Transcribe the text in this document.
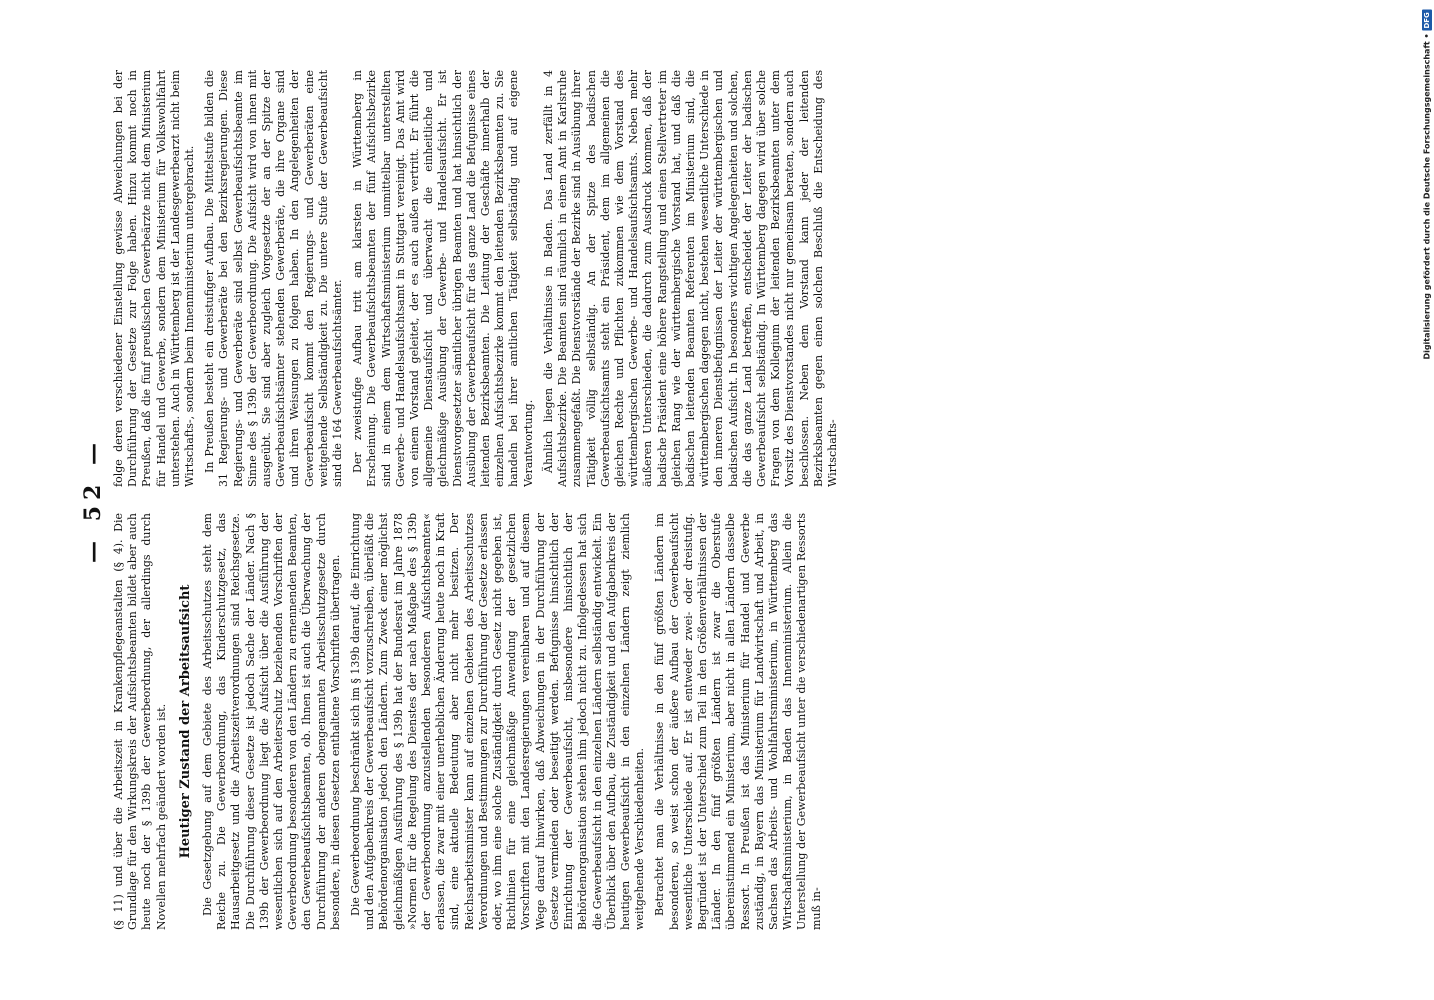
— 52 —

(§ 11) und über die Arbeitszeit in Krankenpflegeanstalten (§ 4). Die Grundlage für den Wirkungskreis der Aufsichtsbeamten bildet aber auch heute noch der § 139b der Gewerbeordnung, der allerdings durch Novellen mehrfach geändert worden ist. Heutiger Zustand der Arbeitsaufsicht Die Gesetzgebung auf dem Gebiete des Arbeitsschutzes steht dem Reiche zu. Die Gewerbeordnung, das Kinderschutzgesetz, das Hausarbeitgesetz und die Arbeitszeitverordnungen sind Reichsgesetze. Die Durchführung dieser Gesetze ist jedoch Sache der Länder. Nach § 139b der Gewerbeordnung liegt die Aufsicht über die Ausführung der wesentlichen sich auf den Arbeiterschutz beziehenden Vorschriften der Gewerbeordnung besonderen von den Ländern zu ernennenden Beamten, den Gewerbeaufsichtsbeamten, ob. Ihnen ist auch die Überwachung der Durchführung der anderen obengenannten Arbeitsschutzgesetze durch besondere, in diesen Gesetzen enthaltene Vorschriften übertragen. Die Gewerbeordnung beschränkt sich im § 139b darauf, die Einrichtung und den Aufgabenkreis der Gewerbeaufsicht vorzuschreiben, überläßt die Behördenorganisation jedoch den Ländern. Zum Zweck einer möglichst gleichmäßigen Ausführung des § 139b hat der Bundesrat im Jahre 1878 »Normen für die Regelung des Dienstes der nach Maßgabe des § 139b der Gewerbeordnung anzustellenden besonderen Aufsichtsbeamten« erlassen, die zwar mit einer unerheblichen Änderung heute noch in Kraft sind, eine aktuelle Bedeutung aber nicht mehr besitzen. Der Reichsarbeitsminister kann auf einzelnen Gebieten des Arbeitsschutzes Verordnungen und Bestimmungen zur Durchführung der Gesetze erlassen oder, wo ihm eine solche Zuständigkeit durch Gesetz nicht gegeben ist, Richtlinien für eine gleichmäßige Anwendung der gesetzlichen Vorschriften mit den Landesregierungen vereinbaren und auf diesem Wege darauf hinwirken, daß Abweichungen in der Durchführung der Gesetze vermieden oder beseitigt werden. Befugnisse hinsichtlich der Einrichtung der Gewerbeaufsicht, insbesondere hinsichtlich der Behördenorganisation stehen ihm jedoch nicht zu. Infolgedessen hat sich die Gewerbeaufsicht in den einzelnen Ländern selbständig entwickelt. Ein Überblick über den Aufbau, die Zuständigkeit und den Aufgabenkreis der heutigen Gewerbeaufsicht in den einzelnen Ländern zeigt ziemlich weitgehende Verschiedenheiten. Betrachtet man die Verhältnisse in den fünf größten Ländern im besonderen, so weist schon der äußere Aufbau der Gewerbeaufsicht wesentliche Unterschiede auf. Er ist entweder zwei- oder dreistufig. Begründet ist der Unterschied zum Teil in den Größenverhältnissen der Länder. In den fünf größten Ländern ist zwar die Oberstufe übereinstimmend ein Ministerium, aber nicht in allen Ländern dasselbe Ressort. In Preußen ist das Ministerium für Handel und Gewerbe zuständig, in Bayern das Ministerium für Landwirtschaft und Arbeit, in Sachsen das Arbeits- und Wohlfahrtsministerium, in Württemberg das Wirtschaftsministerium, in Baden das Innenministerium. Allein die Unterstellung der Gewerbeaufsicht unter die verschiedenartigen Ressorts muß in-

folge deren verschiedener Einstellung gewisse Abweichungen bei der Durchführung der Gesetze zur Folge haben. Hinzu kommt noch in Preußen, daß die fünf preußischen Gewerbeärzte nicht dem Ministerium für Handel und Gewerbe, sondern dem Ministerium für Volkswohlfahrt unterstehen. Auch in Württemberg ist der Landesgewerbearzt nicht beim Wirtschafts-, sondern beim Innenministerium untergebracht. In Preußen besteht ein dreistufiger Aufbau. Die Mittelstufe bilden die 31 Regierungs- und Gewerberäte bei den Bezirksregierungen. Diese Regierungs- und Gewerberäte sind selbst Gewerbeaufsichtsbeamte im Sinne des § 139b der Gewerbeordnung. Die Aufsicht wird von ihnen mit ausgeübt. Sie sind aber zugleich Vorgesetzte der an der Spitze der Gewerbeaufsichtsämter stehenden Gewerberäte, die ihre Organe sind und ihren Weisungen zu folgen haben. In den Angelegenheiten der Gewerbeaufsicht kommt den Regierungs- und Gewerberäten eine weitgehende Selbständigkeit zu. Die untere Stufe der Gewerbeaufsicht sind die 164 Gewerbeaufsichtsämter. Der zweistufige Aufbau tritt am klarsten in Württemberg in Erscheinung. Die Gewerbeaufsichtsbeamten der fünf Aufsichtsbezirke sind in einem dem Wirtschaftsministerium unmittelbar unterstellten Gewerbe- und Handelsaufsichtsamt in Stuttgart vereinigt. Das Amt wird von einem Vorstand geleitet, der es auch außen vertritt. Er führt die allgemeine Dienstaufsicht und überwacht die einheitliche und gleichmäßige Ausübung der Gewerbe- und Handelsaufsicht. Er ist Dienstvorgesetzter sämtlicher übrigen Beamten und hat hinsichtlich der Ausübung der Gewerbeaufsicht für das ganze Land die Befugnisse eines leitenden Bezirksbeamten. Die Leitung der Geschäfte innerhalb der einzelnen Aufsichtsbezirke kommt den leitenden Bezirksbeamten zu. Sie handeln bei ihrer amtlichen Tätigkeit selbständig und auf eigene Verantwortung. Ähnlich liegen die Verhältnisse in Baden. Das Land zerfällt in 4 Aufsichtsbezirke. Die Beamten sind räumlich in einem Amt in Karlsruhe zusammengefaßt. Die Dienstvorstände der Bezirke sind in Ausübung ihrer Tätigkeit völlig selbständig. An der Spitze des badischen Gewerbeaufsichtsamts steht ein Präsident, dem im allgemeinen die gleichen Rechte und Pflichten zukommen wie dem Vorstand des württembergischen Gewerbe- und Handelsaufsichtsamts. Neben mehr äußeren Unterschieden, die dadurch zum Ausdruck kommen, daß der badische Präsident eine höhere Rangstellung und einen Stellvertreter im gleichen Rang wie der württembergische Vorstand hat, und daß die badischen leitenden Beamten Referenten im Ministerium sind, die württembergischen dagegen nicht, bestehen wesentliche Unterschiede in den inneren Dienstbefugnissen der Leiter der württembergischen und badischen Aufsicht. In besonders wichtigen Angelegenheiten und solchen, die das ganze Land betreffen, entscheidet der Leiter der badischen Gewerbeaufsicht selbständig. In Württemberg dagegen wird über solche Fragen von dem Kollegium der leitenden Bezirksbeamten unter dem Vorsitz des Dienstvorstandes nicht nur gemeinsam beraten, sondern auch beschlossen. Neben dem Vorstand kann jeder der leitenden Bezirksbeamten gegen einen solchen Beschluß die Entscheidung des Wirtschafts-

Digitalisierung gefördert durch die Deutsche Forschungsgemeinschaft •
DFG
